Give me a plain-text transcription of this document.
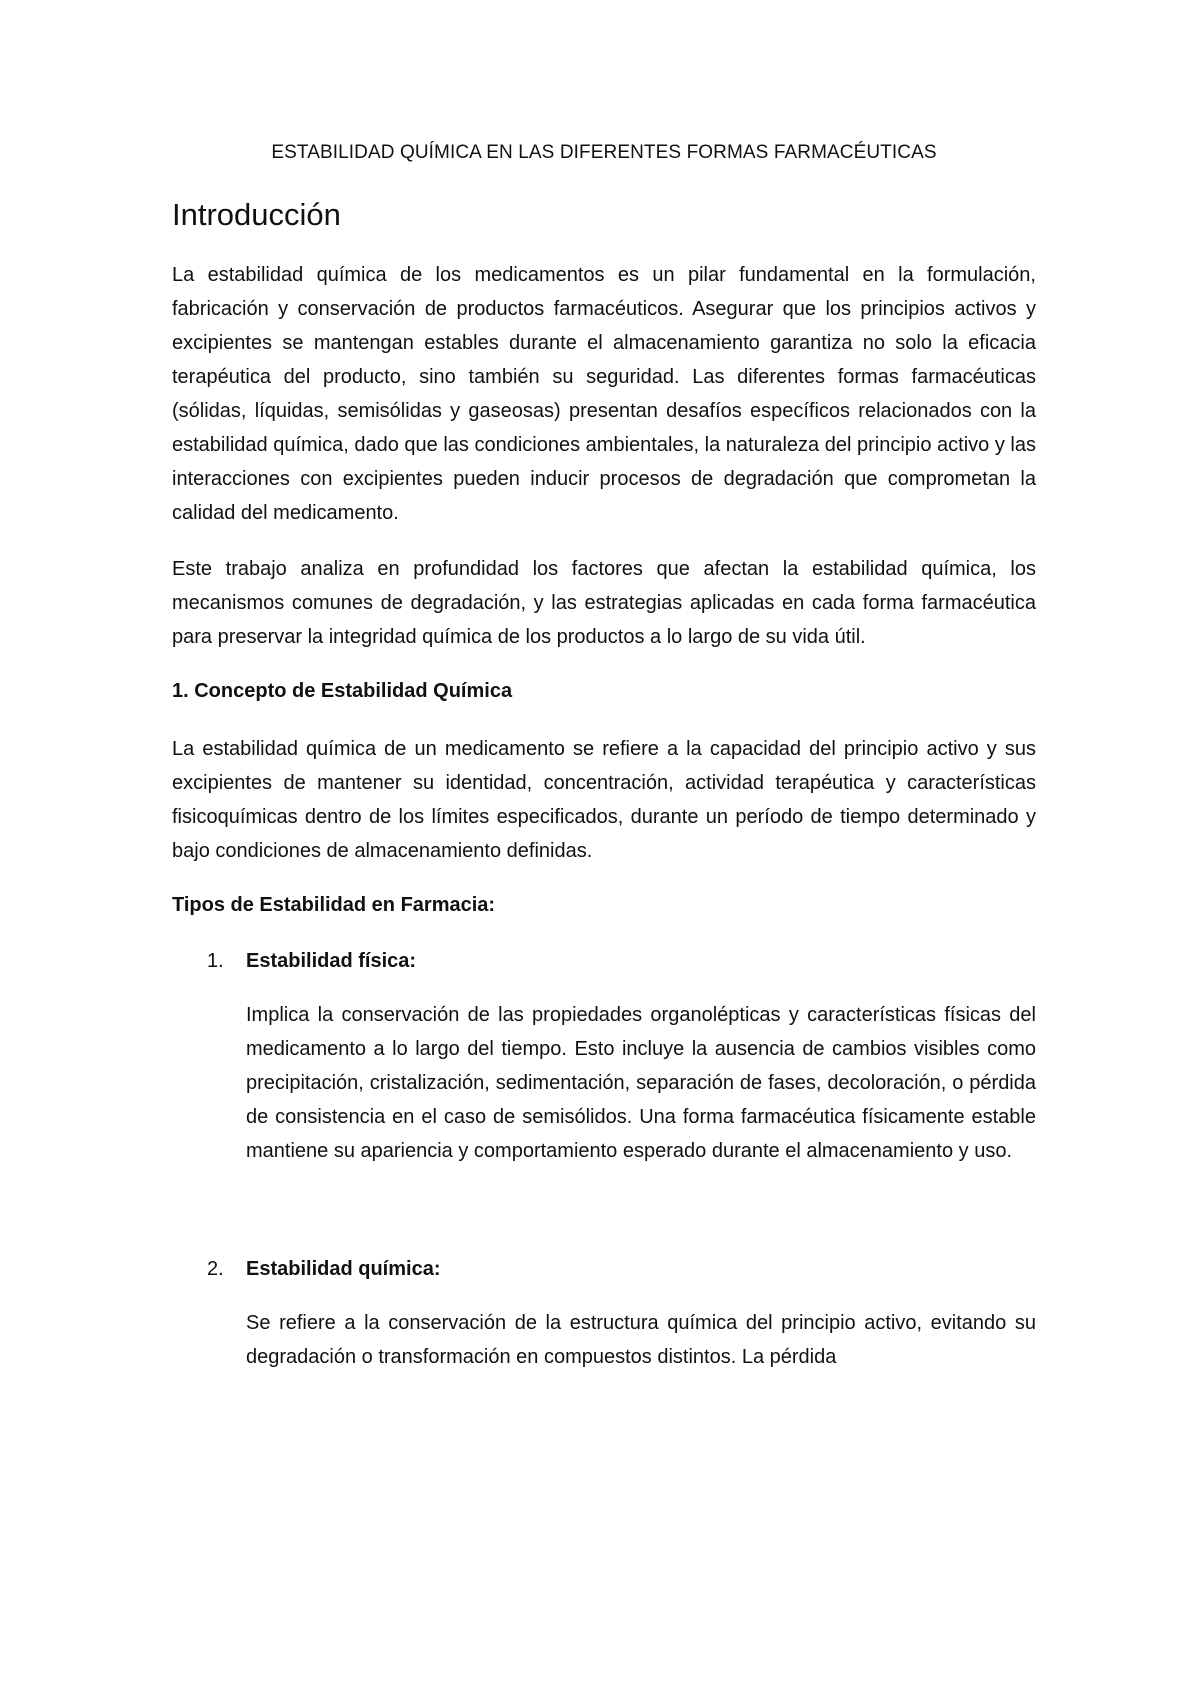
ESTABILIDAD QUÍMICA EN LAS DIFERENTES FORMAS FARMACÉUTICAS
Introducción

La estabilidad química de los medicamentos es un pilar fundamental en la formulación, fabricación y conservación de productos farmacéuticos. Asegurar que los principios activos y excipientes se mantengan estables durante el almacenamiento garantiza no solo la eficacia terapéutica del producto, sino también su seguridad. Las diferentes formas farmacéuticas (sólidas, líquidas, semisólidas y gaseosas) presentan desafíos específicos relacionados con la estabilidad química, dado que las condiciones ambientales, la naturaleza del principio activo y las interacciones con excipientes pueden inducir procesos de degradación que comprometan la calidad del medicamento.

Este trabajo analiza en profundidad los factores que afectan la estabilidad química, los mecanismos comunes de degradación, y las estrategias aplicadas en cada forma farmacéutica para preservar la integridad química de los productos a lo largo de su vida útil.

1. Concepto de Estabilidad Química

La estabilidad química de un medicamento se refiere a la capacidad del principio activo y sus excipientes de mantener su identidad, concentración, actividad terapéutica y características fisicoquímicas dentro de los límites especificados, durante un período de tiempo determinado y bajo condiciones de almacenamiento definidas.

Tipos de Estabilidad en Farmacia:
1.	Estabilidad física:

Implica la conservación de las propiedades organolépticas y características físicas del medicamento a lo largo del tiempo. Esto incluye la ausencia de cambios visibles como precipitación, cristalización, sedimentación, separación de fases, decoloración, o pérdida de consistencia en el caso de semisólidos. Una forma farmacéutica físicamente estable mantiene su apariencia y comportamiento esperado durante el almacenamiento y uso.

2.	Estabilidad química:

Se refiere a la conservación de la estructura química del principio activo, evitando su degradación o transformación en compuestos distintos. La pérdida
